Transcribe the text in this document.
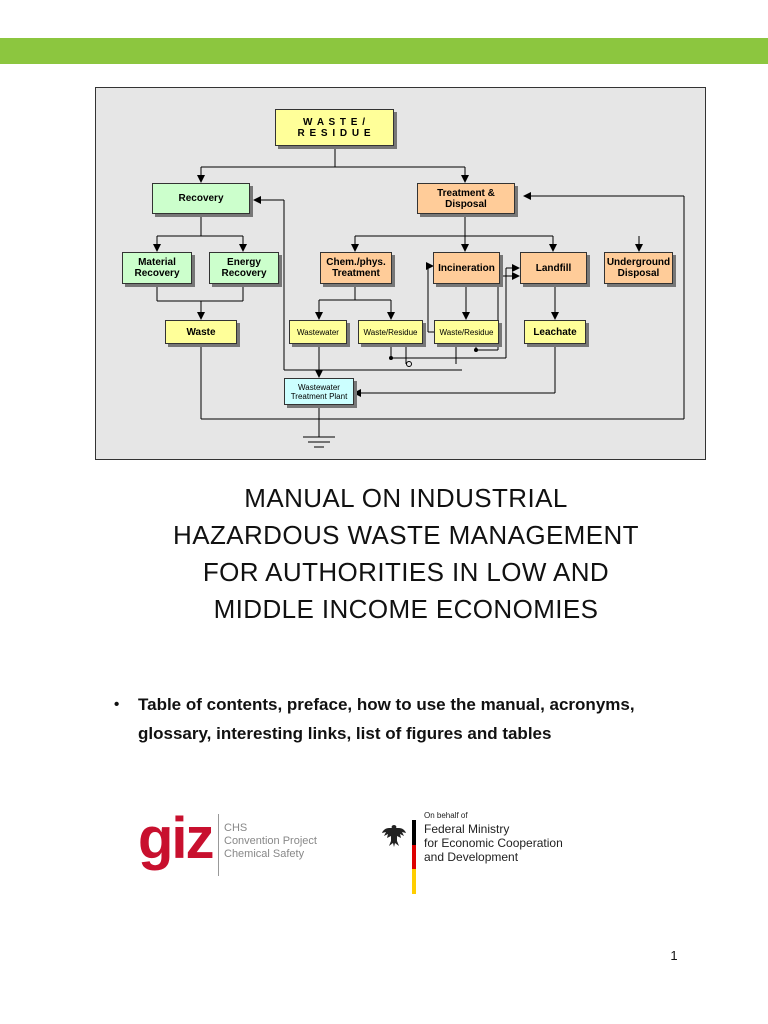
W A S T E /
R E S I D U E
Recovery	Treatment &
Disposal
Material
Recovery
Energy
Recovery
Chem./phys.
Treatment	Incineration	Landfill	Underground
Disposal
Waste	Wastewater	Waste/Residue	Waste/Residue	Leachate
Wastewater
Treatment Plant
MANUAL ON INDUSTRIAL
HAZARDOUS WASTE MANAGEMENT
FOR AUTHORITIES IN LOW AND
MIDDLE INCOME ECONOMIES
• Table of contents, preface, how to use the manual, acronyms, glossary, interesting links, list of figures and tables
giz CHS
Convention Project
Chemical Safety
On behalf of
Federal Ministry
for Economic Cooperation
and Development
1
